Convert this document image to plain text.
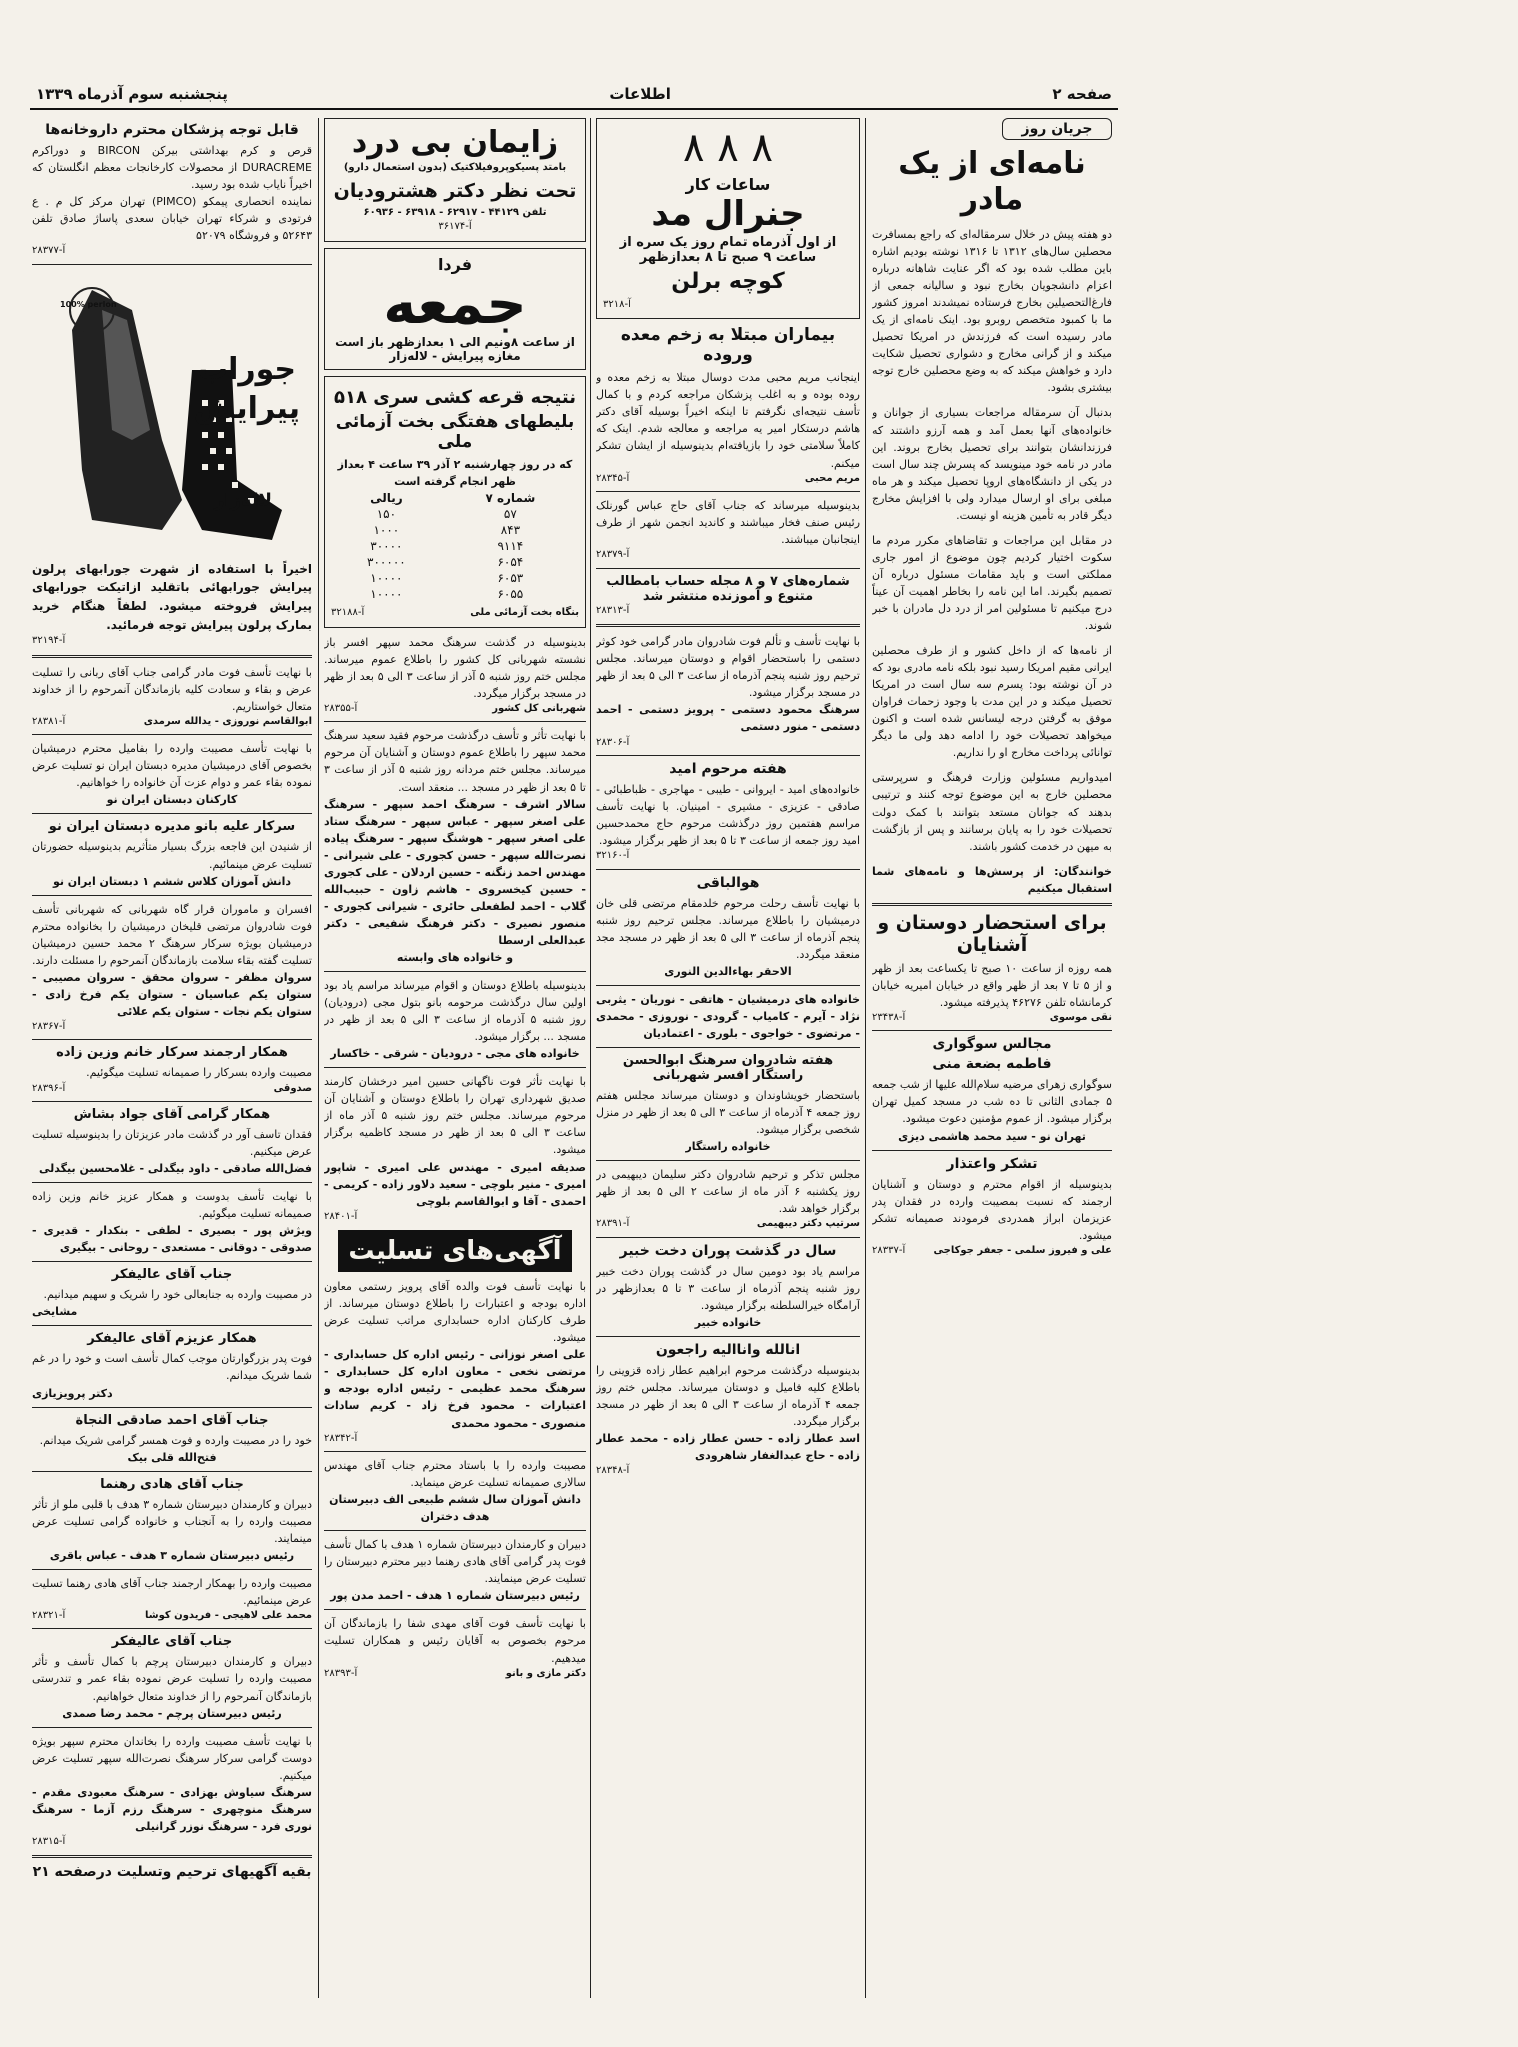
پنجشنبه سوم آذرماه ۱۳۳۹	اطلاعات	صفحه ۲
جریان روز
نامه‌ای از یک مادر
دو هفته پیش در خلال سرمقاله‌ای که راجع بمسافرت محصلین سال‌های ۱۳۱۲ تا ۱۳۱۶ نوشته بودیم اشاره باین مطلب شده بود که اگر عنایت شاهانه درباره اعزام دانشجویان بخارج نبود و سالیانه جمعی از فارغ‌التحصیلین بخارج فرستاده نمیشدند امروز کشور ما با کمبود متخصص روبرو بود. اینک نامه‌ای از یک مادر رسیده است که فرزندش در امریکا تحصیل میکند و از گرانی مخارج و دشواری تحصیل شکایت دارد و خواهش میکند که به وضع محصلین خارج توجه بیشتری بشود.
بدنبال آن سرمقاله مراجعات بسیاری از جوانان و خانواده‌های آنها بعمل آمد و همه آرزو داشتند که فرزندانشان بتوانند برای تحصیل بخارج بروند. این مادر در نامه خود مینویسد که پسرش چند سال است در یکی از دانشگاه‌های اروپا تحصیل میکند و هر ماه مبلغی برای او ارسال میدارد ولی با افزایش مخارج دیگر قادر به تأمین هزینه او نیست.
در مقابل این مراجعات و تقاضاهای مکرر مردم ما سکوت اختیار کردیم چون موضوع از امور جاری مملکتی است و باید مقامات مسئول درباره آن تصمیم بگیرند. اما این نامه را بخاطر اهمیت آن عیناً درج میکنیم تا مسئولین امر از درد دل مادران با خبر شوند.
از نامه‌ها که از داخل کشور و از طرف محصلین ایرانی مقیم امریکا رسید نبود بلکه نامه مادری بود که در آن نوشته بود: پسرم سه سال است در امریکا تحصیل میکند و در این مدت با وجود زحمات فراوان موفق به گرفتن درجه لیسانس شده است و اکنون میخواهد تحصیلات خود را ادامه دهد ولی ما دیگر توانائی پرداخت مخارج او را نداریم.
امیدواریم مسئولین وزارت فرهنگ و سرپرستی محصلین خارج به این موضوع توجه کنند و ترتیبی بدهند که جوانان مستعد بتوانند با کمک دولت تحصیلات خود را به پایان برسانند و پس از بازگشت به میهن در خدمت کشور باشند.
خوانندگان: از پرسش‌ها و نامه‌های شما استقبال میکنیم
برای استحضار دوستان و آشنایان
همه روزه از ساعت ۱۰ صبح تا یکساعت بعد از ظهر و از ۵ تا ۷ بعد از ظهر واقع در خیابان امیریه خیابان کرمانشاه تلفن ۴۶۲۷۶ پذیرفته میشود.
نقی موسوی
آ-۲۳۴۳۸
مجالس سوگواری
فاطمه بضعة منی
سوگواری زهرای مرضیه سلام‌الله علیها از شب جمعه ۵ جمادی الثانی تا ده شب در مسجد کمیل تهران برگزار میشود. از عموم مؤمنین دعوت میشود.
تهران نو - سید محمد هاشمی دیزی
تشکر واعتذار
بدینوسیله از اقوام محترم و دوستان و آشنایان ارجمند که نسبت بمصیبت وارده در فقدان پدر عزیزمان ابراز همدردی فرمودند صمیمانه تشکر میشود.
علی و فیروز سلمی - جعفر جوکاجی
آ-۲۸۳۳۷
۸ ۸ ۸
ساعات کار
جنرال مد
از اول آذرماه تمام روز یک سره از ساعت ۹ صبح تا ۸ بعدازظهر
کوچه برلن
آ-۳۲۱۸
بیماران مبتلا به زخم معده وروده
اینجانب مریم محبی مدت دوسال مبتلا به زخم معده و روده بوده و به اغلب پزشکان مراجعه کردم و با کمال تأسف نتیجه‌ای نگرفتم تا اینکه اخیراً بوسیله آقای دکتر هاشم درستکار امیر یه مراجعه و معالجه شدم. اینک که کاملاً سلامتی خود را بازیافته‌ام بدینوسیله از ایشان تشکر میکنم.
مریم محبی
آ-۲۸۳۴۵
بدینوسیله میرساند که جناب آقای حاج عباس گورنلک رئیس صنف فخار میباشند و کاندید انجمن شهر از طرف اینجانبان میباشند.
آ-۲۸۳۷۹
شماره‌های ۷ و ۸ مجله حساب بامطالب متنوع و آموزنده منتشر شد
آ-۲۸۳۱۳
با نهایت تأسف و تألم فوت شادروان مادر گرامی خود کوثر دستمی را باستحضار اقوام و دوستان میرساند. مجلس ترحیم روز شنبه پنجم آذرماه از ساعت ۳ الی ۵ بعد از ظهر در مسجد برگزار میشود.
سرهنگ محمود دستمی - پرویز دستمی - احمد دستمی - منور دستمی
آ-۲۸۳۰۶
هفته مرحوم امید
خانواده‌های امید - ایروانی - طیبی - مهاجری - ظباطبائی - صادقی - عزیزی - مشیری - امینیان. با نهایت تأسف مراسم هفتمین روز درگذشت مرحوم حاج محمدحسین امید روز جمعه از ساعت ۳ تا ۵ بعد از ظهر برگزار میشود.
آ-۳۲۱۶۰
هوالباقی
با نهایت تأسف رحلت مرحوم خلدمقام مرتضی قلی خان درمیشیان را باطلاع میرساند. مجلس ترحیم روز شنبه پنجم آذرماه از ساعت ۳ الی ۵ بعد از ظهر در مسجد مجد منعقد میگردد.
الاحقر بهاءالدین النوری
خانواده های درمیشیان - هاتفی - نوریان - یثربی نژاد - آیرم - کامیاب - گرودی - نوروزی - محمدی - مرتضوی - خواجوی - بلوری - اعتمادیان
هفته شادروان سرهنگ ابوالحسن راستگار افسر شهربانی
باستحضار خویشاوندان و دوستان میرساند مجلس هفتم روز جمعه ۴ آذرماه از ساعت ۳ الی ۵ بعد از ظهر در منزل شخصی برگزار میشود.
خانواده راستگار
مجلس تذکر و ترحیم شادروان دکتر سلیمان دیبهیمی در روز یکشنبه ۶ آذر ماه از ساعت ۲ الی ۵ بعد از ظهر برگزار خواهد شد.
سرتیپ دکتر دیبهیمی
آ-۲۸۳۹۱
سال در گذشت پوران دخت خبیر
مراسم یاد بود دومین سال در گذشت پوران دخت خبیر روز شنبه پنجم آذرماه از ساعت ۳ تا ۵ بعدازظهر در آرامگاه خیرالسلطنه برگزار میشود.
خانواده خبیر
انالله وانااليه راجعون
بدینوسیله درگذشت مرحوم ابراهیم عطار زاده قزوینی را باطلاع کلیه فامیل و دوستان میرساند. مجلس ختم روز جمعه ۴ آذرماه از ساعت ۳ الی ۵ بعد از ظهر در مسجد برگزار میگردد.
اسد عطار زاده - حسن عطار زاده - محمد عطار زاده - حاج عبدالغفار شاهرودی
آ-۲۸۳۴۸
زایمان بی درد
بامتد پسیکوپروفیلاکتیک (بدون استعمال دارو)
تحت نظر دکتر هشترودیان
تلفن ۴۴۱۲۹ - ۶۲۹۱۷ - ۶۳۹۱۸ - ۶۰۹۳۶
آ-۳۶۱۷۴
فردا
جمعه
از ساعت ۸ونیم الی ۱ بعدازظهر باز است
مغازه پیرایش - لاله‌زار
نتیجه قرعه کشی سری ۵۱۸
بلیطهای هفتگی بخت آزمائی ملی
که در روز چهارشنبه ۲ آذر ۳۹ ساعت ۴ بعداز ظهر انجام گرفته است
شماره ۷	ریالی
۵۷	۱۵۰
۸۴۳	۱۰۰۰
۹۱۱۴	۳۰۰۰۰
۶۰۵۴	۳۰۰۰۰۰
۶۰۵۳	۱۰۰۰۰
۶۰۵۵	۱۰۰۰۰
بنگاه بخت آزمائی ملی
آ-۳۲۱۸۸
بدینوسیله در گذشت سرهنگ محمد سپهر افسر باز نشسته شهربانی کل کشور را باطلاع عموم میرساند. مجلس ختم روز شنبه ۵ آذر از ساعت ۳ الی ۵ بعد از ظهر در مسجد برگزار میگردد.
شهربانی کل کشور
آ-۲۸۳۵۵
با نهایت تأثر و تأسف درگذشت مرحوم فقید سعید سرهنگ محمد سپهر را باطلاع عموم دوستان و آشنایان آن مرحوم میرساند. مجلس ختم مردانه روز شنبه ۵ آذر از ساعت ۳ تا ۵ بعد از ظهر در مسجد ... منعقد است.
سالار اشرف - سرهنگ احمد سپهر - سرهنگ علی اصغر سپهر - عباس سپهر - سرهنگ ستاد علی اصغر سپهر - هوشنگ سپهر - سرهنگ پیاده نصرت‌الله سپهر - حسن کجوری - علی شیرانی - مهندس احمد زنگنه - حسین اردلان - علی کجوری - حسین کیخسروی - هاشم زاون - حبیب‌الله گلاب - احمد لطفعلی حائری - شیرانی کجوری - منصور نصیری - دکتر فرهنگ شفیعی - دکتر عبدالعلی ارسطا
و خانواده های وابسته
بدینوسیله باطلاع دوستان و اقوام میرساند مراسم یاد بود اولین سال درگذشت مرحومه بانو بتول مجی (درودیان) روز شنبه ۵ آذرماه از ساعت ۳ الی ۵ بعد از ظهر در مسجد ... برگزار میشود.
خانواده های مجی - درودیان - شرقی - خاکسار
با نهایت تأثر فوت ناگهانی حسین امیر درخشان کارمند صدیق شهرداری تهران را باطلاع دوستان و آشنایان آن مرحوم میرساند. مجلس ختم روز شنبه ۵ آذر ماه از ساعت ۳ الی ۵ بعد از ظهر در مسجد کاظمیه برگزار میشود.
صدیقه امیری - مهندس علی امیری - شاپور امیری - منیر بلوچی - سعید دلاور زاده - کریمی - احمدی - آقا و ابوالقاسم بلوچی
آ-۲۸۴۰۱
آگهی‌های تسلیت
با نهایت تأسف فوت والده آقای پرویز رستمی معاون اداره بودجه و اعتبارات را باطلاع دوستان میرساند. از طرف کارکنان اداره حسابداری مراتب تسلیت عرض میشود.
علی اصغر نوزانی - رئیس اداره کل حسابداری - مرتضی نخعی - معاون اداره کل حسابداری - سرهنگ محمد عظیمی - رئیس اداره بودجه و اعتبارات - محمود فرخ زاد - کریم سادات منصوری - محمود محمدی
آ-۲۸۳۴۲
مصیبت وارده را با باستاد محترم جناب آقای مهندس سالاری صمیمانه تسلیت عرض مینماید.
دانش آموزان سال ششم طبیعی الف دبیرستان هدف دختران
دبیران و کارمندان دبیرستان شماره ۱ هدف با کمال تأسف فوت پدر گرامی آقای هادی رهنما دبیر محترم دبیرستان را تسلیت عرض مینمایند.
رئیس دبیرستان شماره ۱ هدف - احمد مدن پور
با نهایت تأسف فوت آقای مهدی شفا را بازماندگان آن مرحوم بخصوص به آقایان رئیس و همکاران تسلیت میدهیم.
دکتر مازی و بانو
آ-۲۸۳۹۳
قابل توجه پزشکان محترم داروخانه‌ها
قرص و کرم بهداشتی بیرکن BIRCON و دوراکرم DURACREME از محصولات کارخانجات معظم انگلستان که اخیراً نایاب شده بود رسید.
نماینده انحصاری پیمکو (PIMCO) تهران مرکز کل م . ع فرتودی و شرکاء تهران خیابان سعدی پاساژ صادق تلفن ۵۲۶۴۳ و فروشگاه ۵۲۰۷۹
آ-۲۸۳۷۷
100% perlon
جوراب پیرایش
لاله‌زار
اخیراً با استفاده از شهرت جورابهای پرلون پیرایش جورابهائی باتقلید ازاتیکت جورابهای پیرایش فروخته میشود. لطفاً هنگام خرید بمارک پرلون پیرایش توجه فرمائید.
آ-۳۲۱۹۴
با نهایت تأسف فوت مادر گرامی جناب آقای ربانی را تسلیت عرض و بقاء و سعادت کلیه بازماندگان آنمرحوم را از خداوند متعال خواستاریم.
ابوالقاسم نوروزی - یدالله سرمدی
آ-۲۸۳۸۱
با نهایت تأسف مصیبت وارده را بفامیل محترم درمیشیان بخصوص آقای درمیشیان مدیره دبستان ایران نو تسلیت عرض نموده بقاء عمر و دوام عزت آن خانواده را خواهانیم.
کارکنان دبستان ایران نو
سرکار علیه بانو مدیره دبستان ایران نو
از شنیدن این فاجعه بزرگ بسیار متأثریم بدینوسیله حضورتان تسلیت عرض مینمائیم.
دانش آموزان کلاس ششم ۱ دبستان ایران نو
افسران و ماموران قرار گاه شهربانی که شهربانی تأسف فوت شادروان مرتضی قلیخان درمیشیان را بخانواده محترم درمیشیان بویژه سرکار سرهنگ ۲ محمد حسین درمیشیان تسلیت گفته بقاء سلامت بازماندگان آنمرحوم را مسئلت دارند.
سروان مظفر - سروان محقق - سروان مصیبی - ستوان یکم عباسیان - ستوان یکم فرخ زادی - ستوان یکم نجات - ستوان یکم علائی
آ-۲۸۳۶۷
همکار ارجمند سرکار خانم وزین زاده
مصیبت وارده بسرکار را صمیمانه تسلیت میگوئیم.
صدوقی
آ-۲۸۳۹۶
همکار گرامی آقای جواد بشاش
فقدان تاسف آور در گذشت مادر عزیزتان را بدینوسیله تسلیت عرض میکنیم.
فضل‌الله صادقی - داود بیگدلی - غلامحسین بیگدلی
با نهایت تأسف بدوست و همکار عزیز خانم وزین زاده صمیمانه تسلیت میگوئیم.
ویژش پور - بصیری - لطفی - بنکدار - قدیری - صدوقی - دوقانی - مستعدی - روحانی - بیگیری
جناب آقای عالیفکر
در مصیبت وارده به جنابعالی خود را شریک و سهیم میدانیم.
مشایخی
همکار عزیزم آقای عالیفکر
فوت پدر بزرگوارتان موجب کمال تأسف است و خود را در غم شما شریک میدانم.
دکتر پرویزیازی
جناب آقای احمد صادقی النجاة
خود را در مصیبت وارده و فوت همسر گرامی شریک میدانم.
فتح‌الله قلی بیک
جناب آقای هادی رهنما
دبیران و کارمندان دبیرستان شماره ۳ هدف با قلبی ملو از تأثر مصیبت وارده را به آنجناب و خانواده گرامی تسلیت عرض مینمایند.
رئیس دبیرستان شماره ۳ هدف - عباس باقری
مصیبت وارده را بهمکار ارجمند جناب آقای هادی رهنما تسلیت عرض مینمائیم.
محمد علی لاهیجی - فریدون کوشا
آ-۲۸۳۲۱
جناب آقای عالیفکر
دبیران و کارمندان دبیرستان پرچم با کمال تأسف و تأثر مصیبت وارده را تسلیت عرض نموده بقاء عمر و تندرستی بازماندگان آنمرحوم را از خداوند متعال خواهانیم.
رئیس دبیرستان پرچم - محمد رضا صمدی
با نهایت تأسف مصیبت وارده را بخاندان محترم سپهر بویژه دوست گرامی سرکار سرهنگ نصرت‌الله سپهر تسلیت عرض میکنیم.
سرهنگ سیاوش بهزادی - سرهنگ معبودی مقدم - سرهنگ منوچهری - سرهنگ رزم آزما - سرهنگ نوری فرد - سرهنگ نوزر گرانیلی
آ-۲۸۳۱۵
بقیه آگهیهای ترحیم وتسلیت درصفحه ۲۱
